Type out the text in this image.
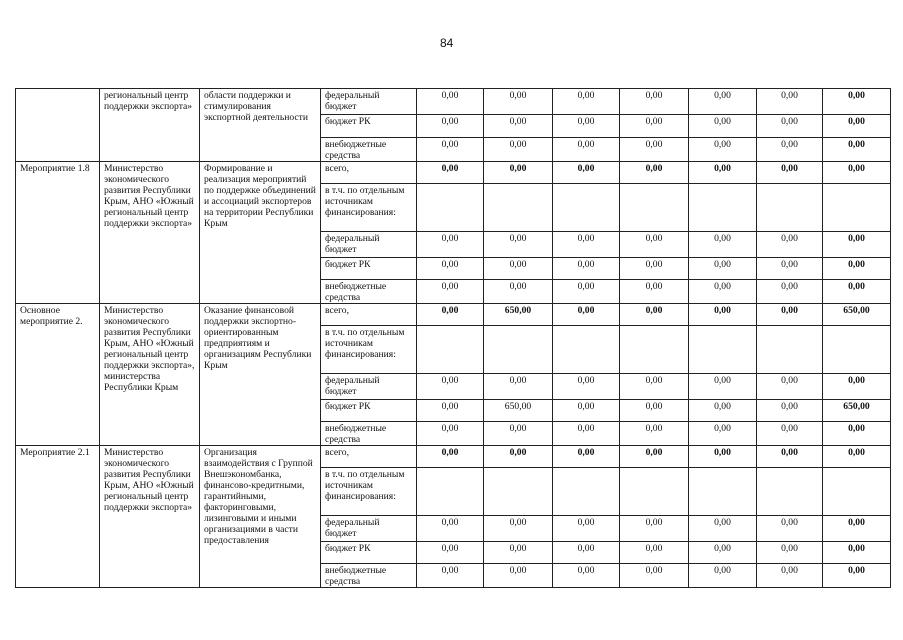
84
	региональный центр поддержки экспорта»	области поддержки и стимулирования экспортной деятельности	федеральный бюджет	0,00	0,00	0,00	0,00	0,00	0,00	0,00
			бюджет РК	0,00	0,00	0,00	0,00	0,00	0,00	0,00
			внебюджетные средства	0,00	0,00	0,00	0,00	0,00	0,00	0,00
Мероприятие 1.8	Министерство экономического развития Республики Крым, АНО «Южный региональный центр поддержки экспорта»	Формирование и реализация мероприятий по поддержке объединений и ассоциаций экспортеров на территории Республики Крым	всего,	0,00	0,00	0,00	0,00	0,00	0,00	0,00
			в т.ч. по отдельным источникам финансирования:							
			федеральный бюджет	0,00	0,00	0,00	0,00	0,00	0,00	0,00
			бюджет РК	0,00	0,00	0,00	0,00	0,00	0,00	0,00
			внебюджетные средства	0,00	0,00	0,00	0,00	0,00	0,00	0,00
Основное мероприятие 2.	Министерство экономического развития Республики Крым, АНО «Южный региональный центр поддержки экспорта», министерства Республики Крым	Оказание финансовой поддержки экспортно-ориентированным предприятиям и организациям Республики Крым	всего,	0,00	650,00	0,00	0,00	0,00	0,00	650,00
			в т.ч. по отдельным источникам финансирования:							
			федеральный бюджет	0,00	0,00	0,00	0,00	0,00	0,00	0,00
			бюджет РК	0,00	650,00	0,00	0,00	0,00	0,00	650,00
			внебюджетные средства	0,00	0,00	0,00	0,00	0,00	0,00	0,00
Мероприятие 2.1	Министерство экономического развития Республики Крым, АНО «Южный региональный центр поддержки экспорта»	Организация взаимодействия с Группой Внешэкономбанка, финансово-кредитными, гарантийными, факторинговыми, лизинговыми и иными организациями в части предоставления	всего,	0,00	0,00	0,00	0,00	0,00	0,00	0,00
			в т.ч. по отдельным источникам финансирования:							
			федеральный бюджет	0,00	0,00	0,00	0,00	0,00	0,00	0,00
			бюджет РК	0,00	0,00	0,00	0,00	0,00	0,00	0,00
			внебюджетные средства	0,00	0,00	0,00	0,00	0,00	0,00	0,00
